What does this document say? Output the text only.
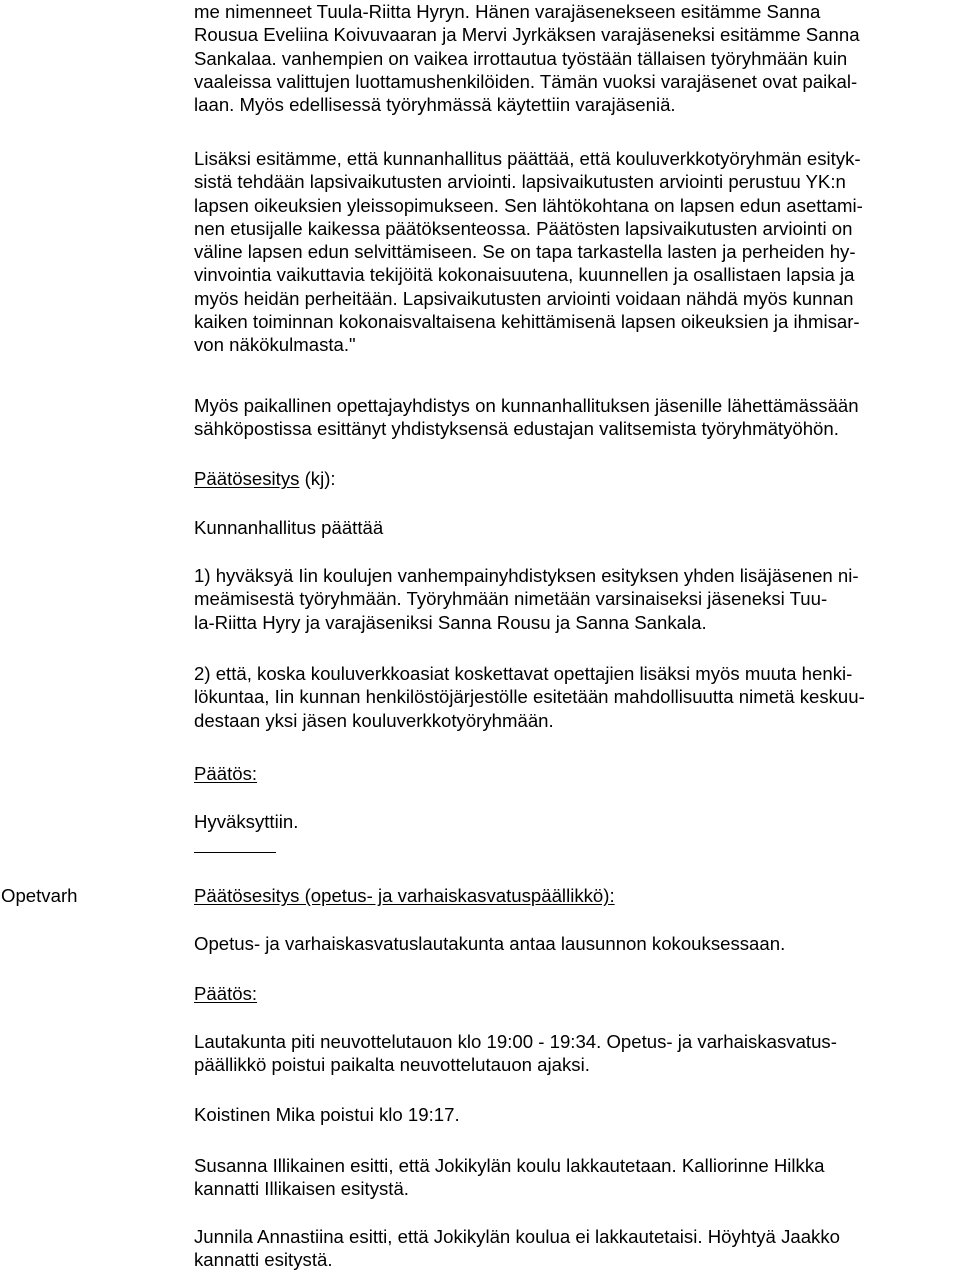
me nimenneet Tuula-Riitta Hyryn. Hänen varajäsenekseen esitämme Sanna
Rousua Eveliina Koivuvaaran ja Mervi Jyrkäksen varajäseneksi esitämme Sanna
Sankalaa. vanhempien on vaikea irrottautua työstään tällaisen työryhmään kuin
vaaleissa valittujen luottamushenkilöiden. Tämän vuoksi varajäsenet ovat paikal-
laan. Myös edellisessä työryhmässä käytettiin varajäseniä.
Lisäksi esitämme, että kunnanhallitus päättää, että kouluverkkotyöryhmän esityk-
sistä tehdään lapsivaikutusten arviointi. lapsivaikutusten arviointi perustuu YK:n
lapsen oikeuksien yleissopimukseen. Sen lähtökohtana on lapsen edun asettami-
nen etusijalle kaikessa päätöksenteossa. Päätösten lapsivaikutusten arviointi on
väline lapsen edun selvittämiseen. Se on tapa tarkastella lasten ja perheiden hy-
vinvointia vaikuttavia tekijöitä kokonaisuutena, kuunnellen ja osallistaen lapsia ja
myös heidän perheitään. Lapsivaikutusten arviointi voidaan nähdä myös kunnan
kaiken toiminnan kokonaisvaltaisena kehittämisenä lapsen oikeuksien ja ihmisar-
von näkökulmasta."
Myös paikallinen opettajayhdistys on kunnanhallituksen jäsenille lähettämässään
sähköpostissa esittänyt yhdistyksensä edustajan valitsemista työryhmätyöhön.
Päätösesitys (kj):
Kunnanhallitus päättää
1) hyväksyä Iin koulujen vanhempainyhdistyksen esityksen yhden lisäjäsenen ni-
meämisestä työryhmään. Työryhmään nimetään varsinaiseksi jäseneksi Tuu-
la-Riitta Hyry ja varajäseniksi Sanna Rousu ja Sanna Sankala.
2) että, koska kouluverkkoasiat koskettavat opettajien lisäksi myös muuta henki-
lökuntaa, Iin kunnan henkilöstöjärjestölle esitetään mahdollisuutta nimetä keskuu-
destaan yksi jäsen kouluverkkotyöryhmään.
Päätös:
Hyväksyttiin.
Opetvarh	Päätösesitys (opetus- ja varhaiskasvatuspäällikkö):
Opetus- ja varhaiskasvatuslautakunta antaa lausunnon kokouksessaan.
Päätös:
Lautakunta piti neuvottelutauon klo 19:00 - 19:34. Opetus- ja varhaiskasvatus-
päällikkö poistui paikalta neuvottelutauon ajaksi.
Koistinen Mika poistui klo 19:17.
Susanna Illikainen esitti, että Jokikylän koulu lakkautetaan. Kalliorinne Hilkka
kannatti Illikaisen esitystä.
Junnila Annastiina esitti, että Jokikylän koulua ei lakkautetaisi. Höyhtyä Jaakko
kannatti esitystä.
